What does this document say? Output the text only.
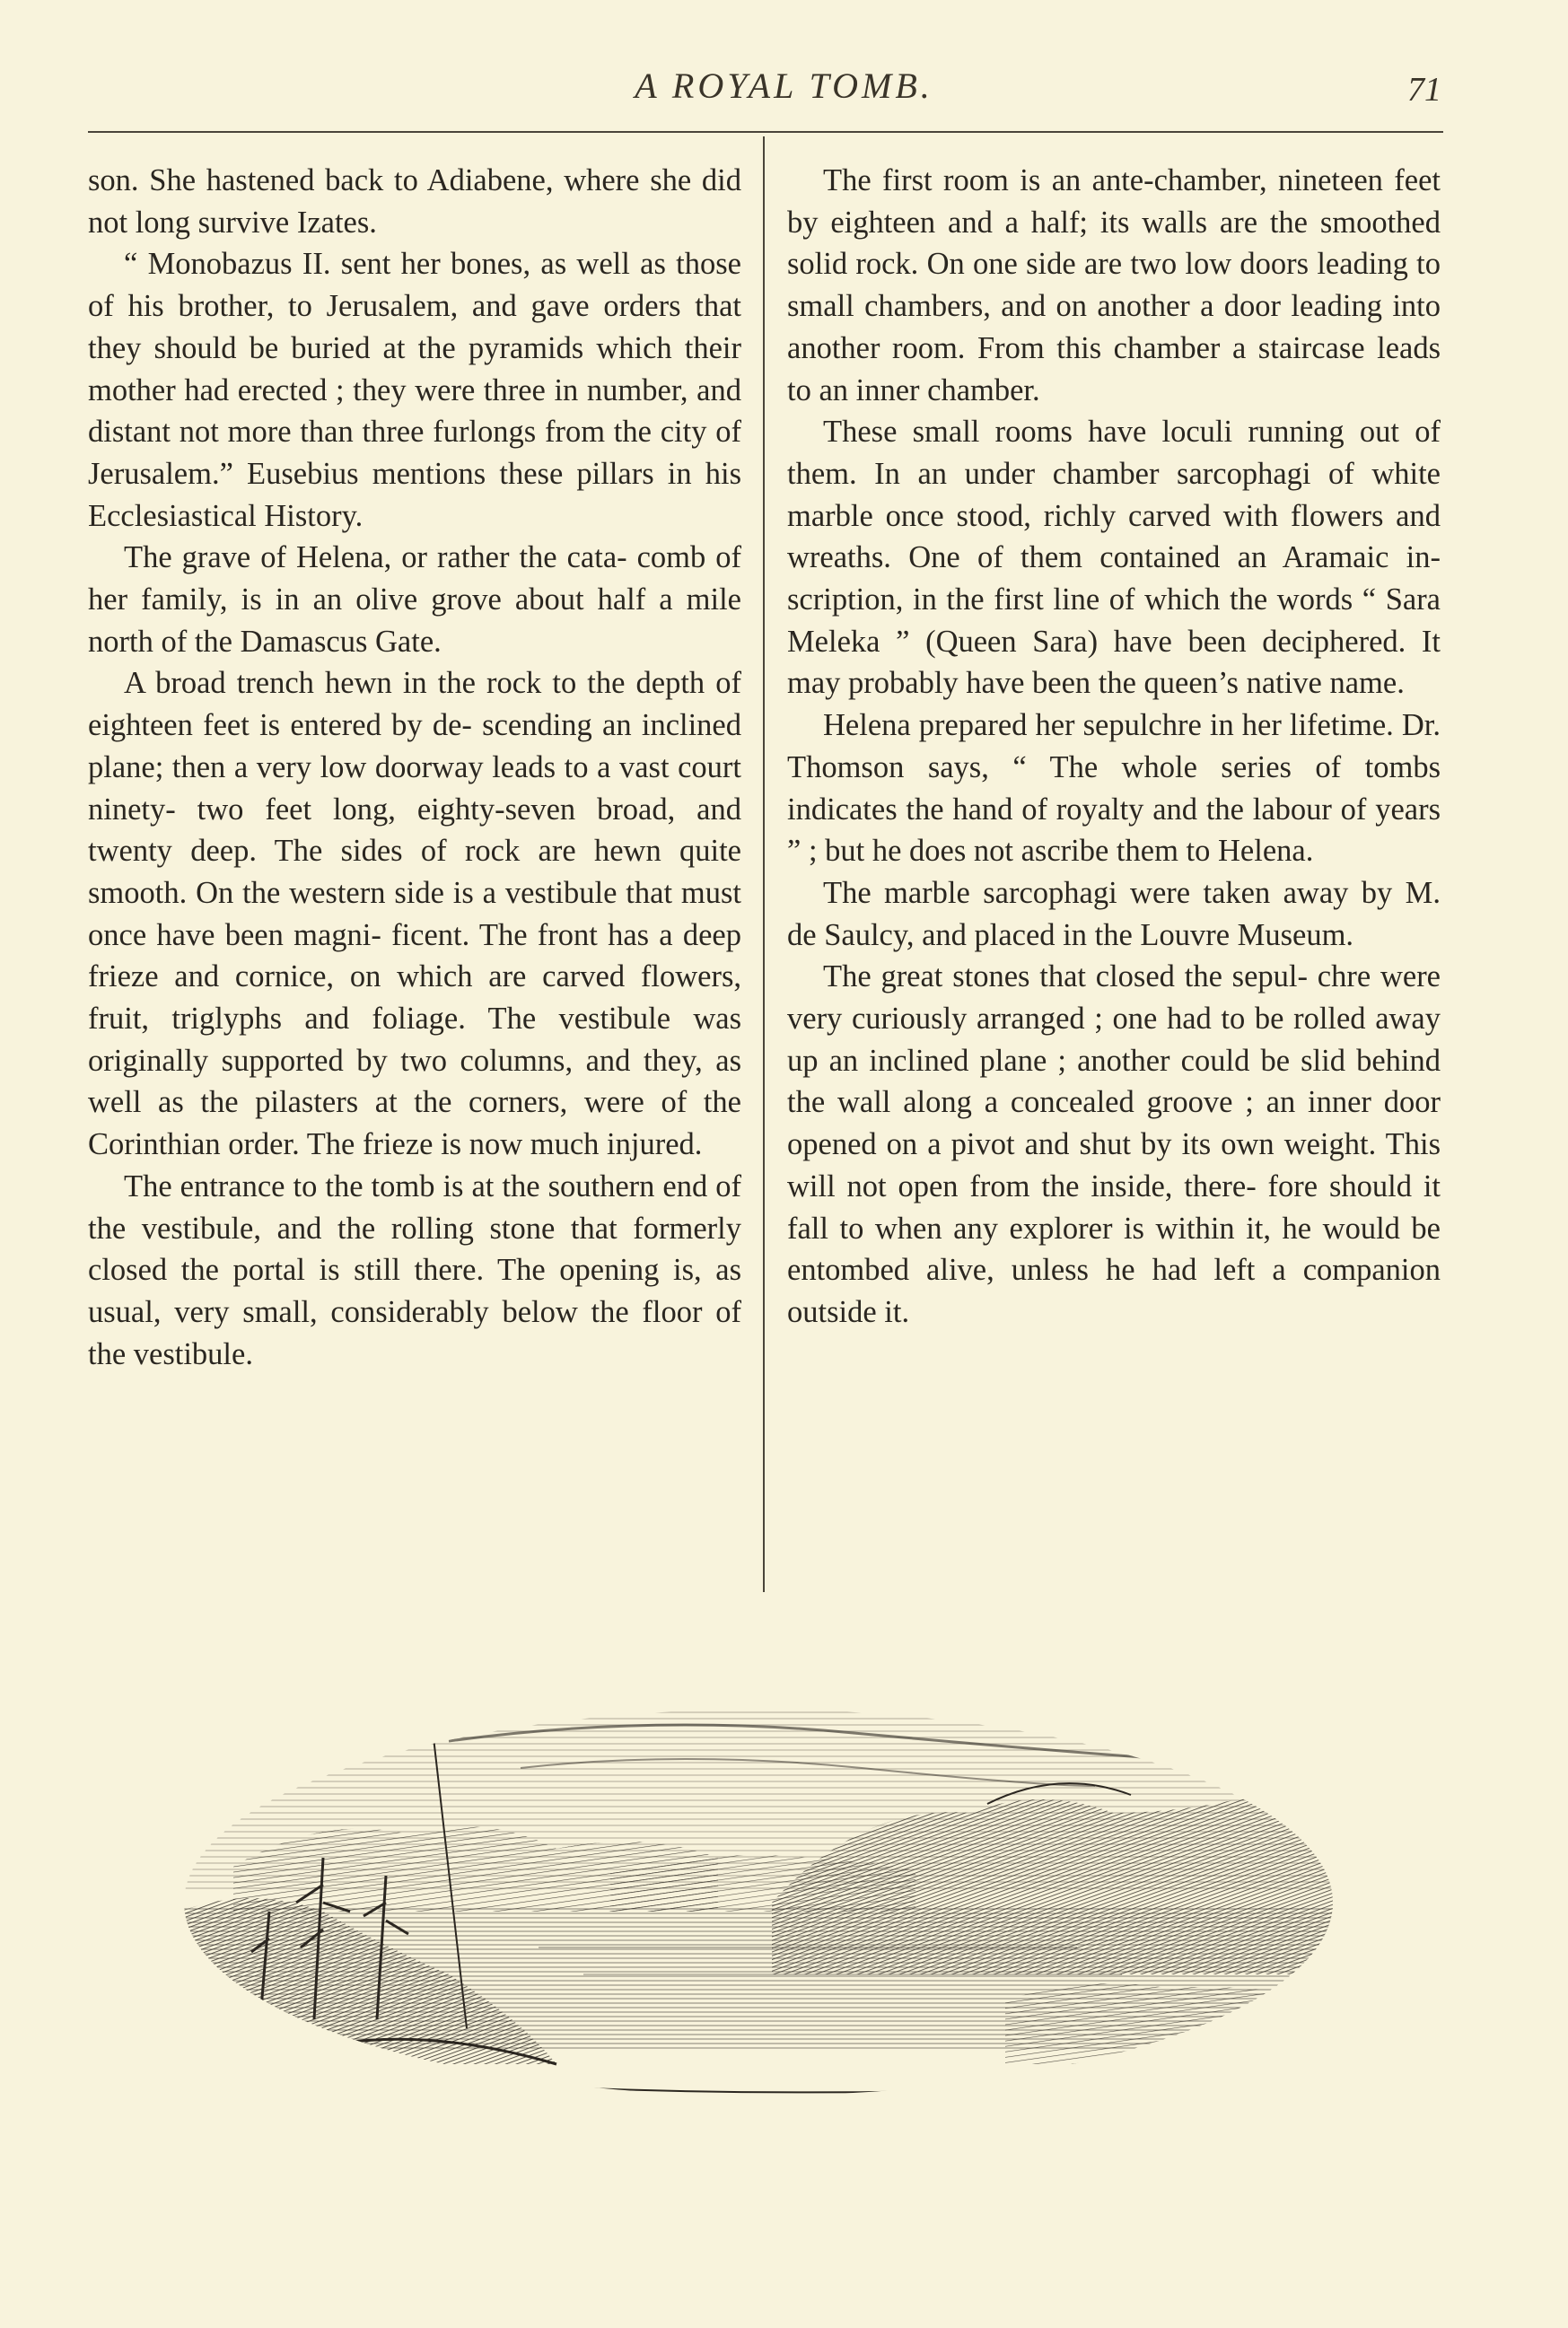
A ROYAL TOMB.	71

son. She hastened back to Adiabene, where she did not long survive Izates.

“ Monobazus II. sent her bones, as well as those of his brother, to Jerusalem, and gave orders that they should be buried at the pyramids which their mother had erected ; they were three in number, and distant not more than three furlongs from the city of Jerusalem.” Eusebius mentions these pillars in his Ecclesiastical History.

The grave of Helena, or rather the cata- comb of her family, is in an olive grove about half a mile north of the Damascus Gate.

A broad trench hewn in the rock to the depth of eighteen feet is entered by de- scending an inclined plane; then a very low doorway leads to a vast court ninety- two feet long, eighty-seven broad, and twenty deep. The sides of rock are hewn quite smooth. On the western side is a vestibule that must once have been magni- ficent. The front has a deep frieze and cornice, on which are carved flowers, fruit, triglyphs and foliage. The vestibule was originally supported by two columns, and they, as well as the pilasters at the corners, were of the Corinthian order. The frieze is now much injured.

The entrance to the tomb is at the southern end of the vestibule, and the rolling stone that formerly closed the portal is still there. The opening is, as usual, very small, considerably below the floor of the vestibule.

The first room is an ante-chamber, nineteen feet by eighteen and a half; its walls are the smoothed solid rock. On one side are two low doors leading to small chambers, and on another a door leading into another room. From this chamber a staircase leads to an inner chamber.

These small rooms have loculi running out of them. In an under chamber sarcophagi of white marble once stood, richly carved with flowers and wreaths. One of them contained an Aramaic in- scription, in the first line of which the words “ Sara Meleka ” (Queen Sara) have been deciphered. It may probably have been the queen’s native name.

Helena prepared her sepulchre in her lifetime. Dr. Thomson says, “ The whole series of tombs indicates the hand of royalty and the labour of years ” ; but he does not ascribe them to Helena.

The marble sarcophagi were taken away by M. de Saulcy, and placed in the Louvre Museum.

The great stones that closed the sepul- chre were very curiously arranged ; one had to be rolled away up an inclined plane ; another could be slid behind the wall along a concealed groove ; an inner door opened on a pivot and shut by its own weight. This will not open from the inside, there- fore should it fall to when any explorer is within it, he would be entombed alive, unless he had left a companion outside it.
